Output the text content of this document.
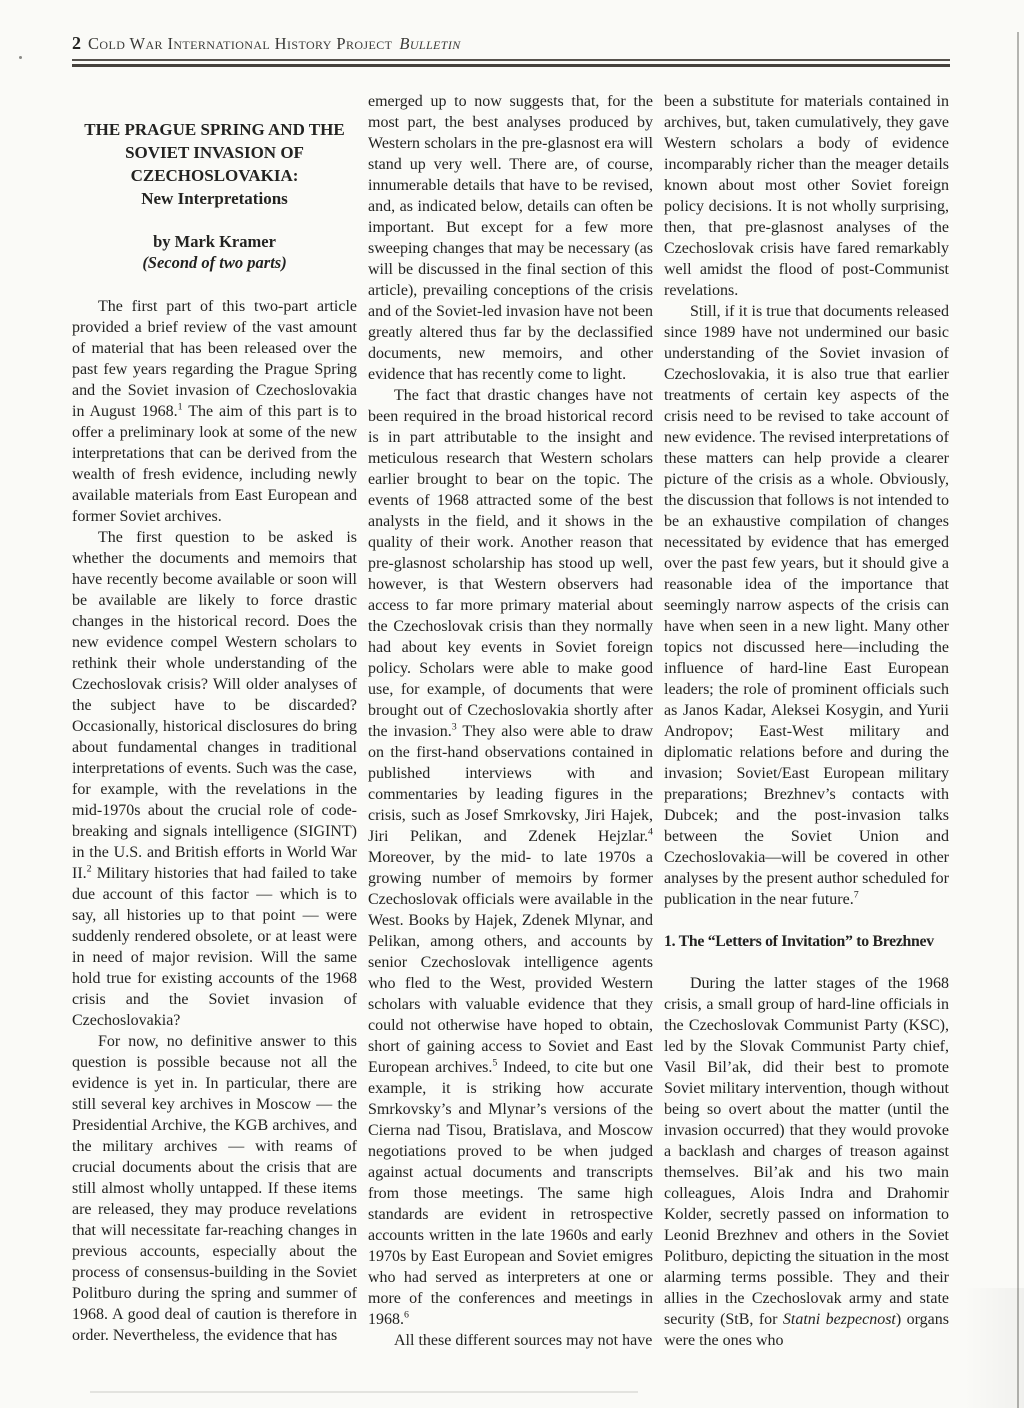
2 Cold War International History Project Bulletin
THE PRAGUE SPRING AND THE
SOVIET INVASION OF
CZECHOSLOVAKIA:
New Interpretations
by Mark Kramer
(Second of two parts)

The first part of this two-part article provided a brief review of the vast amount of material that has been released over the past few years regarding the Prague Spring and the Soviet invasion of Czechoslovakia in August 1968.$^1$ The aim of this part is to offer a preliminary look at some of the new interpretations that can be derived from the wealth of fresh evidence, including newly available materials from East European and former Soviet archives.

The first question to be asked is whether the documents and memoirs that have recently become available or soon will be available are likely to force drastic changes in the historical record. Does the new evidence compel Western scholars to rethink their whole understanding of the Czechoslovak crisis? Will older analyses of the subject have to be discarded? Occasionally, historical disclosures do bring about fundamental changes in traditional interpretations of events. Such was the case, for example, with the revelations in the mid-1970s about the crucial role of code-breaking and signals intelligence (SIGINT) in the U.S. and British efforts in World War II.$^2$ Military histories that had failed to take due account of this factor — which is to say, all histories up to that point — were suddenly rendered obsolete, or at least were in need of major revision. Will the same hold true for existing accounts of the 1968 crisis and the Soviet invasion of Czechoslovakia?

For now, no definitive answer to this question is possible because not all the evidence is yet in. In particular, there are still several key archives in Moscow — the Presidential Archive, the KGB archives, and the military archives — with reams of crucial documents about the crisis that are still almost wholly untapped. If these items are released, they may produce revelations that will necessitate far-reaching changes in previous accounts, especially about the process of consensus-building in the Soviet Politburo during the spring and summer of 1968. A good deal of caution is therefore in order. Nevertheless, the evidence that has

emerged up to now suggests that, for the most part, the best analyses produced by Western scholars in the pre-glasnost era will stand up very well. There are, of course, innumerable details that have to be revised, and, as indicated below, details can often be important. But except for a few more sweeping changes that may be necessary (as will be discussed in the final section of this article), prevailing conceptions of the crisis and of the Soviet-led invasion have not been greatly altered thus far by the declassified documents, new memoirs, and other evidence that has recently come to light.

The fact that drastic changes have not been required in the broad historical record is in part attributable to the insight and meticulous research that Western scholars earlier brought to bear on the topic. The events of 1968 attracted some of the best analysts in the field, and it shows in the quality of their work. Another reason that pre-glasnost scholarship has stood up well, however, is that Western observers had access to far more primary material about the Czechoslovak crisis than they normally had about key events in Soviet foreign policy. Scholars were able to make good use, for example, of documents that were brought out of Czechoslovakia shortly after the invasion.$^3$ They also were able to draw on the first-hand observations contained in published interviews with and commentaries by leading figures in the crisis, such as Josef Smrkovsky, Jiri Hajek, Jiri Pelikan, and Zdenek Hejzlar.$^4$ Moreover, by the mid- to late 1970s a growing number of memoirs by former Czechoslovak officials were available in the West. Books by Hajek, Zdenek Mlynar, and Pelikan, among others, and accounts by senior Czechoslovak intelligence agents who fled to the West, provided Western scholars with valuable evidence that they could not otherwise have hoped to obtain, short of gaining access to Soviet and East European archives.$^5$ Indeed, to cite but one example, it is striking how accurate Smrkovsky’s and Mlynar’s versions of the Cierna nad Tisou, Bratislava, and Moscow negotiations proved to be when judged against actual documents and transcripts from those meetings. The same high standards are evident in retrospective accounts written in the late 1960s and early 1970s by East European and Soviet emigres who had served as interpreters at one or more of the conferences and meetings in 1968.$^6$

All these different sources may not have

been a substitute for materials contained in archives, but, taken cumulatively, they gave Western scholars a body of evidence incomparably richer than the meager details known about most other Soviet foreign policy decisions. It is not wholly surprising, then, that pre-glasnost analyses of the Czechoslovak crisis have fared remarkably well amidst the flood of post-Communist revelations.

Still, if it is true that documents released since 1989 have not undermined our basic understanding of the Soviet invasion of Czechoslovakia, it is also true that earlier treatments of certain key aspects of the crisis need to be revised to take account of new evidence. The revised interpretations of these matters can help provide a clearer picture of the crisis as a whole. Obviously, the discussion that follows is not intended to be an exhaustive compilation of changes necessitated by evidence that has emerged over the past few years, but it should give a reasonable idea of the importance that seemingly narrow aspects of the crisis can have when seen in a new light. Many other topics not discussed here—including the influence of hard-line East European leaders; the role of prominent officials such as Janos Kadar, Aleksei Kosygin, and Yurii Andropov; East-West military and diplomatic relations before and during the invasion; Soviet/East European military preparations; Brezhnev’s contacts with Dubcek; and the post-invasion talks between the Soviet Union and Czechoslovakia—will be covered in other analyses by the present author scheduled for publication in the near future.$^7$

1. The “Letters of Invitation” to Brezhnev

During the latter stages of the 1968 crisis, a small group of hard-line officials in the Czechoslovak Communist Party (KSC), led by the Slovak Communist Party chief, Vasil Bil’ak, did their best to promote Soviet military intervention, though without being so overt about the matter (until the invasion occurred) that they would provoke a backlash and charges of treason against themselves. Bil’ak and his two main colleagues, Alois Indra and Drahomir Kolder, secretly passed on information to Leonid Brezhnev and others in the Soviet Politburo, depicting the situation in the most alarming terms possible. They and their allies in the Czechoslovak army and state security (StB, for Statni bezpecnost) organs were the ones who
